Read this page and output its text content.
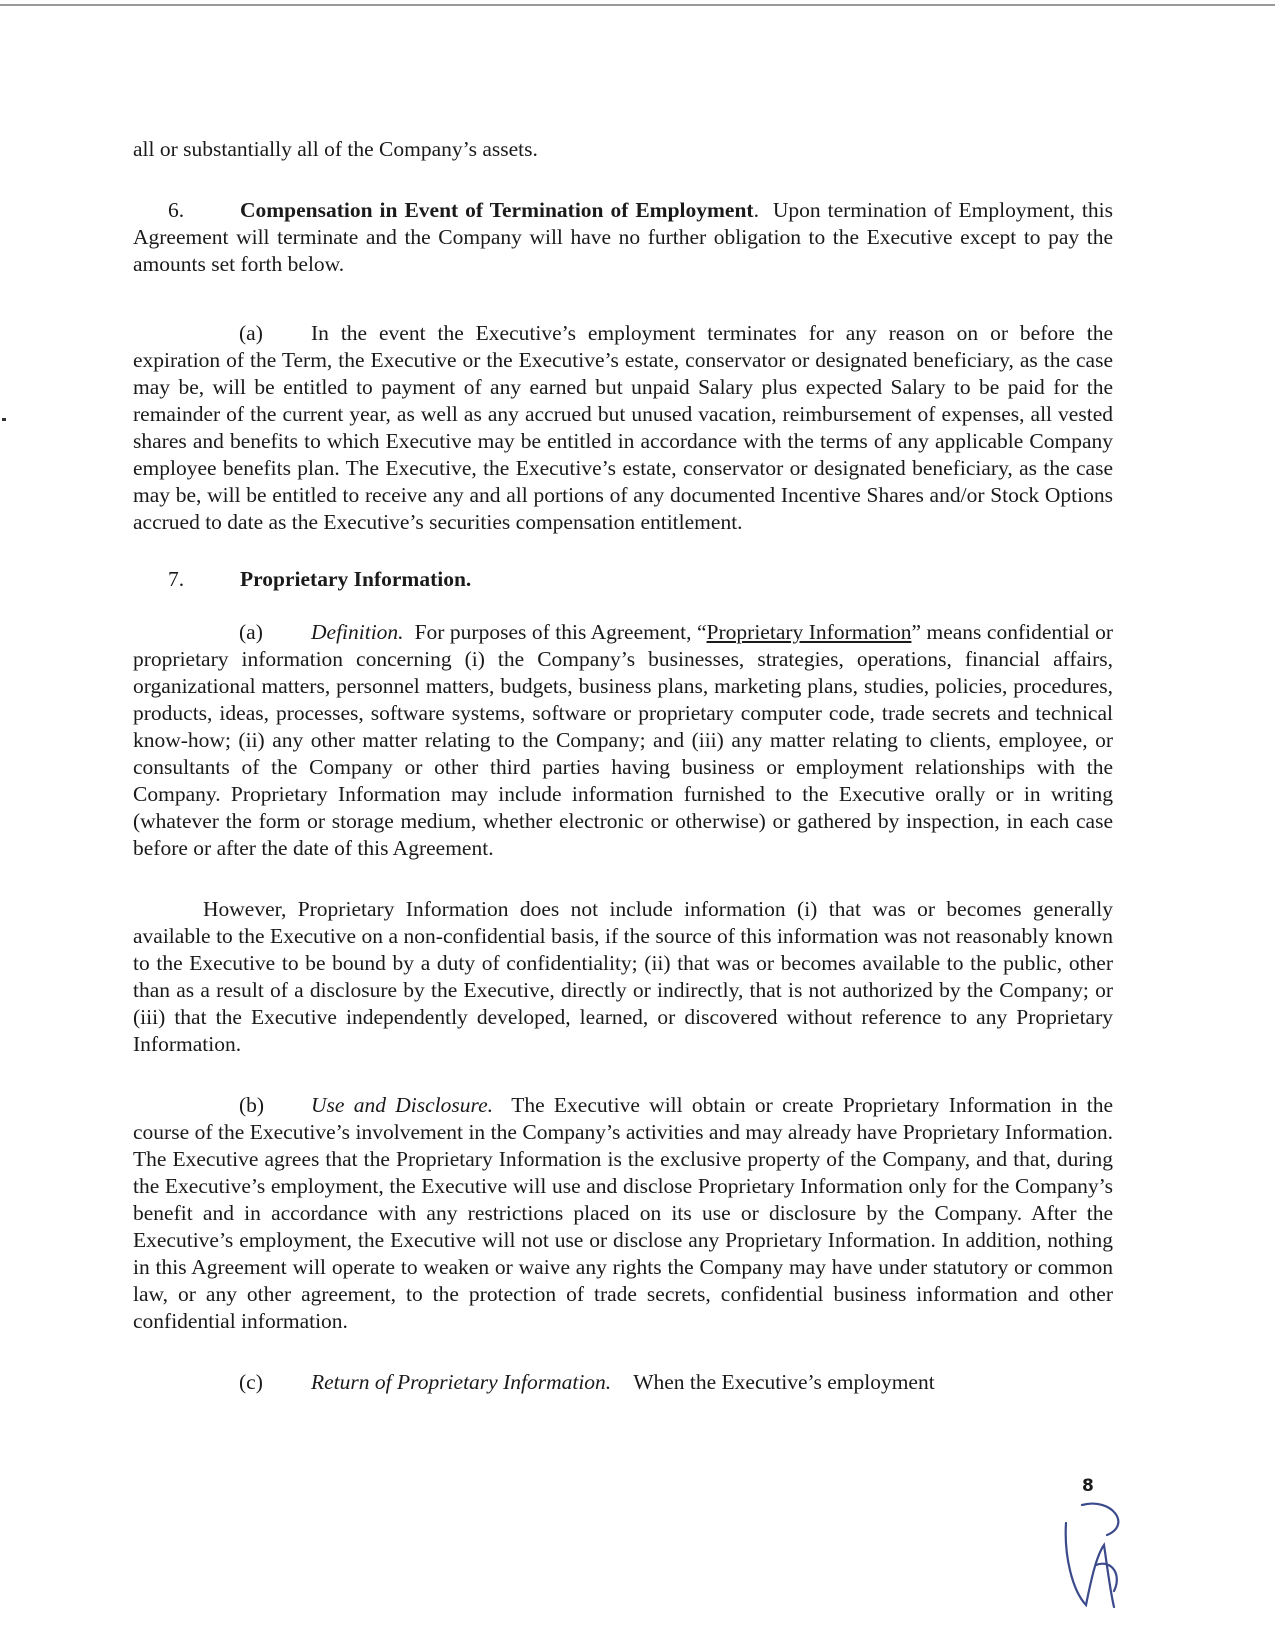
all or substantially all of the Company’s assets.

6.	Compensation in Event of Termination of Employment.  Upon termination of Employment, this Agreement will terminate and the Company will have no further obligation to the Executive except to pay the amounts set forth below.

(a) In the event the Executive’s employment terminates for any reason on or before the expiration of the Term, the Executive or the Executive’s estate, conservator or designated beneficiary, as the case may be, will be entitled to payment of any earned but unpaid Salary plus expected Salary to be paid for the remainder of the current year, as well as any accrued but unused vacation, reimbursement of expenses, all vested shares and benefits to which Executive may be entitled in accordance with the terms of any applicable Company employee benefits plan. The Executive, the Executive’s estate, conservator or designated beneficiary, as the case may be, will be entitled to receive any and all portions of any documented Incentive Shares and/or Stock Options accrued to date as the Executive’s securities compensation entitlement.

7.	Proprietary Information.

(a) Definition. For purposes of this Agreement, “Proprietary Information” means confidential or proprietary information concerning (i) the Company’s businesses, strategies, operations, financial affairs, organizational matters, personnel matters, budgets, business plans, marketing plans, studies, policies, procedures, products, ideas, processes, software systems, software or proprietary computer code, trade secrets and technical know-how; (ii) any other matter relating to the Company; and (iii) any matter relating to clients, employee, or consultants of the Company or other third parties having business or employment relationships with the Company. Proprietary Information may include information furnished to the Executive orally or in writing (whatever the form or storage medium, whether electronic or otherwise) or gathered by inspection, in each case before or after the date of this Agreement.

However, Proprietary Information does not include information (i) that was or becomes generally available to the Executive on a non-confidential basis, if the source of this information was not reasonably known to the Executive to be bound by a duty of confidentiality; (ii) that was or becomes available to the public, other than as a result of a disclosure by the Executive, directly or indirectly, that is not authorized by the Company; or (iii) that the Executive independently developed, learned, or discovered without reference to any Proprietary Information.

(b) Use and Disclosure. The Executive will obtain or create Proprietary Information in the course of the Executive’s involvement in the Company’s activities and may already have Proprietary Information. The Executive agrees that the Proprietary Information is the exclusive property of the Company, and that, during the Executive’s employment, the Executive will use and disclose Proprietary Information only for the Company’s benefit and in accordance with any restrictions placed on its use or disclosure by the Company. After the Executive’s employment, the Executive will not use or disclose any Proprietary Information. In addition, nothing in this Agreement will operate to weaken or waive any rights the Company may have under statutory or common law, or any other agreement, to the protection of trade secrets, confidential business information and other confidential information.

(c) Return of Proprietary Information. When the Executive’s employment

8
